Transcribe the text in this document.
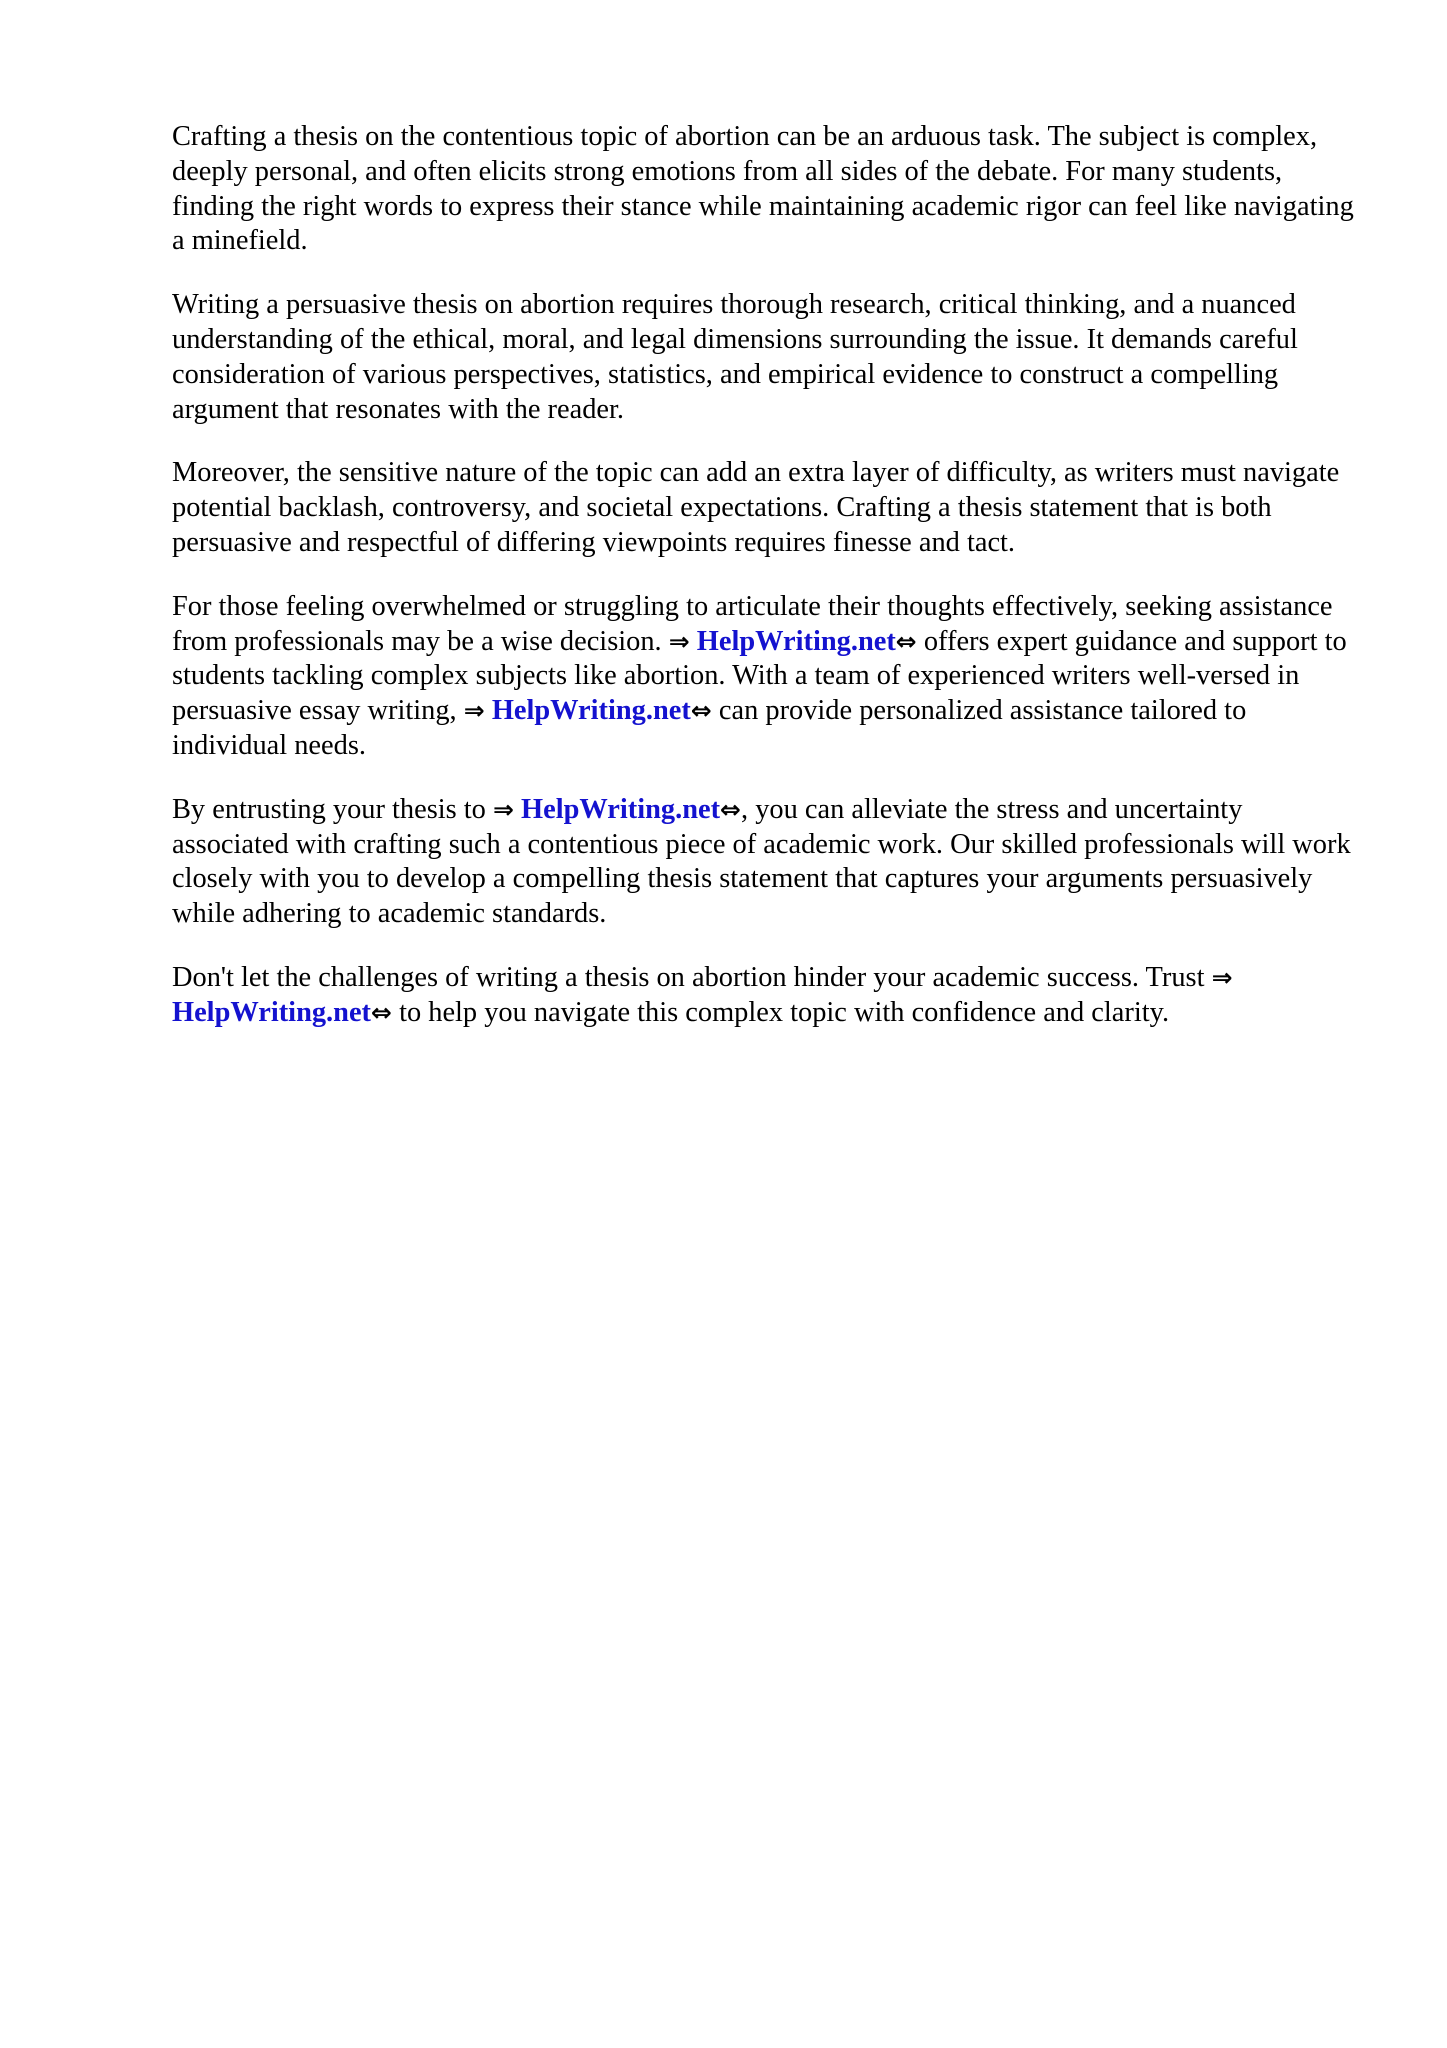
Crafting a thesis on the contentious topic of abortion can be an arduous task. The subject is complex, deeply personal, and often elicits strong emotions from all sides of the debate. For many students, finding the right words to express their stance while maintaining academic rigor can feel like navigating a minefield.

Writing a persuasive thesis on abortion requires thorough research, critical thinking, and a nuanced understanding of the ethical, moral, and legal dimensions surrounding the issue. It demands careful consideration of various perspectives, statistics, and empirical evidence to construct a compelling argument that resonates with the reader.

Moreover, the sensitive nature of the topic can add an extra layer of difficulty, as writers must navigate potential backlash, controversy, and societal expectations. Crafting a thesis statement that is both persuasive and respectful of differing viewpoints requires finesse and tact.

For those feeling overwhelmed or struggling to articulate their thoughts effectively, seeking assistance from professionals may be a wise decision. ⇒ HelpWriting.net⇔ offers expert guidance and support to students tackling complex subjects like abortion. With a team of experienced writers well-versed in persuasive essay writing, ⇒ HelpWriting.net⇔ can provide personalized assistance tailored to individual needs.

By entrusting your thesis to ⇒ HelpWriting.net⇔, you can alleviate the stress and uncertainty associated with crafting such a contentious piece of academic work. Our skilled professionals will work closely with you to develop a compelling thesis statement that captures your arguments persuasively while adhering to academic standards.

Don't let the challenges of writing a thesis on abortion hinder your academic success. Trust ⇒ HelpWriting.net⇔ to help you navigate this complex topic with confidence and clarity.
